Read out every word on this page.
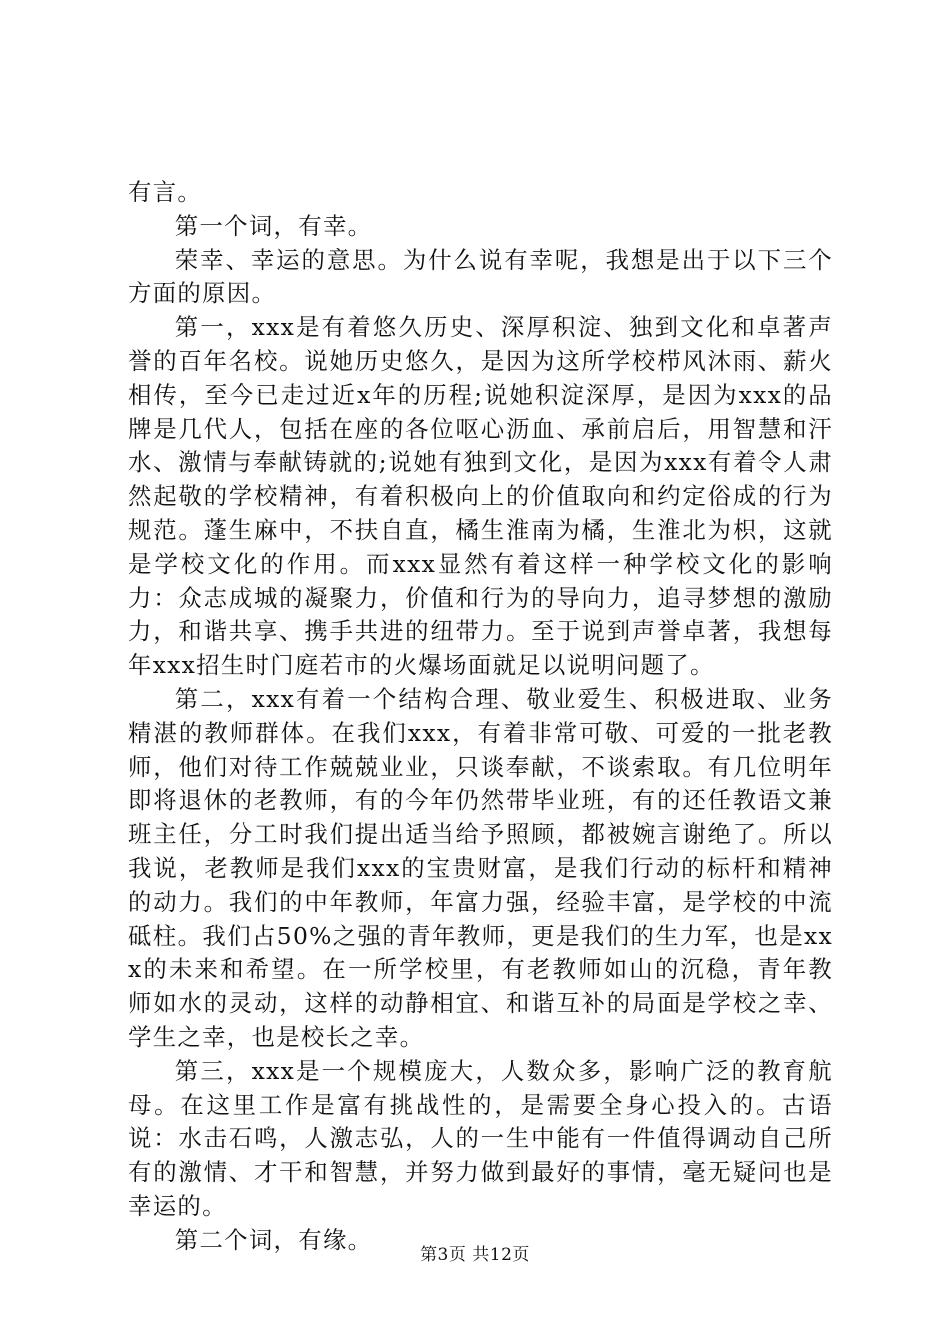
有言。

第一个词，有幸。

荣幸、幸运的意思。为什么说有幸呢，我想是出于以下三个方面的原因。

第一，xxx是有着悠久历史、深厚积淀、独到文化和卓著声誉的百年名校。说她历史悠久，是因为这所学校栉风沐雨、薪火相传，至今已走过近x年的历程;说她积淀深厚，是因为xxx的品牌是几代人，包括在座的各位呕心沥血、承前启后，用智慧和汗水、激情与奉献铸就的;说她有独到文化，是因为xxx有着令人肃然起敬的学校精神，有着积极向上的价值取向和约定俗成的行为规范。蓬生麻中，不扶自直，橘生淮南为橘，生淮北为枳，这就是学校文化的作用。而xxx显然有着这样一种学校文化的影响力：众志成城的凝聚力，价值和行为的导向力，追寻梦想的激励力，和谐共享、携手共进的纽带力。至于说到声誉卓著，我想每年xxx招生时门庭若市的火爆场面就足以说明问题了。

第二，xxx有着一个结构合理、敬业爱生、积极进取、业务精湛的教师群体。在我们xxx，有着非常可敬、可爱的一批老教师，他们对待工作兢兢业业，只谈奉献，不谈索取。有几位明年即将退休的老教师，有的今年仍然带毕业班，有的还任教语文兼班主任，分工时我们提出适当给予照顾，都被婉言谢绝了。所以我说，老教师是我们xxx的宝贵财富，是我们行动的标杆和精神的动力。我们的中年教师，年富力强，经验丰富，是学校的中流砥柱。我们占50%之强的青年教师，更是我们的生力军，也是xxx的未来和希望。在一所学校里，有老教师如山的沉稳，青年教师如水的灵动，这样的动静相宜、和谐互补的局面是学校之幸、学生之幸，也是校长之幸。

第三，xxx是一个规模庞大，人数众多，影响广泛的教育航母。在这里工作是富有挑战性的，是需要全身心投入的。古语说：水击石鸣，人激志弘，人的一生中能有一件值得调动自己所有的激情、才干和智慧，并努力做到最好的事情，毫无疑问也是幸运的。

第二个词，有缘。

第3页 共12页
